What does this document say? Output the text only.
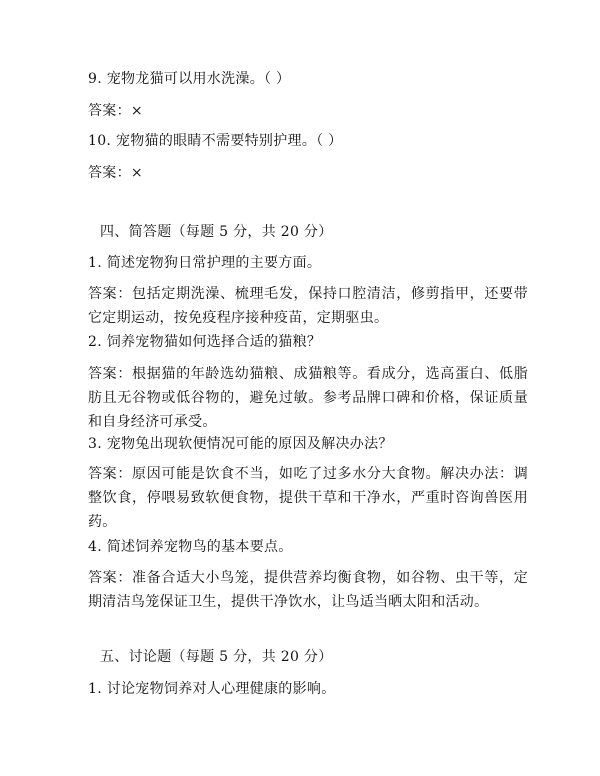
9. 宠物龙猫可以用水洗澡。（ ）
答案：×
10. 宠物猫的眼睛不需要特别护理。（ ）
答案：×
四、简答题（每题 5 分，共 20 分）
1. 简述宠物狗日常护理的主要方面。
答案：包括定期洗澡、梳理毛发，保持口腔清洁，修剪指甲，还要带它定期运动，按免疫程序接种疫苗，定期驱虫。
2. 饲养宠物猫如何选择合适的猫粮？
答案：根据猫的年龄选幼猫粮、成猫粮等。看成分，选高蛋白、低脂肪且无谷物或低谷物的，避免过敏。参考品牌口碑和价格，保证质量和自身经济可承受。
3. 宠物兔出现软便情况可能的原因及解决办法？
答案：原因可能是饮食不当，如吃了过多水分大食物。解决办法：调整饮食，停喂易致软便食物，提供干草和干净水，严重时咨询兽医用药。
4. 简述饲养宠物鸟的基本要点。
答案：准备合适大小鸟笼，提供营养均衡食物，如谷物、虫干等，定期清洁鸟笼保证卫生，提供干净饮水，让鸟适当晒太阳和活动。
五、讨论题（每题 5 分，共 20 分）
1. 讨论宠物饲养对人心理健康的影响。
